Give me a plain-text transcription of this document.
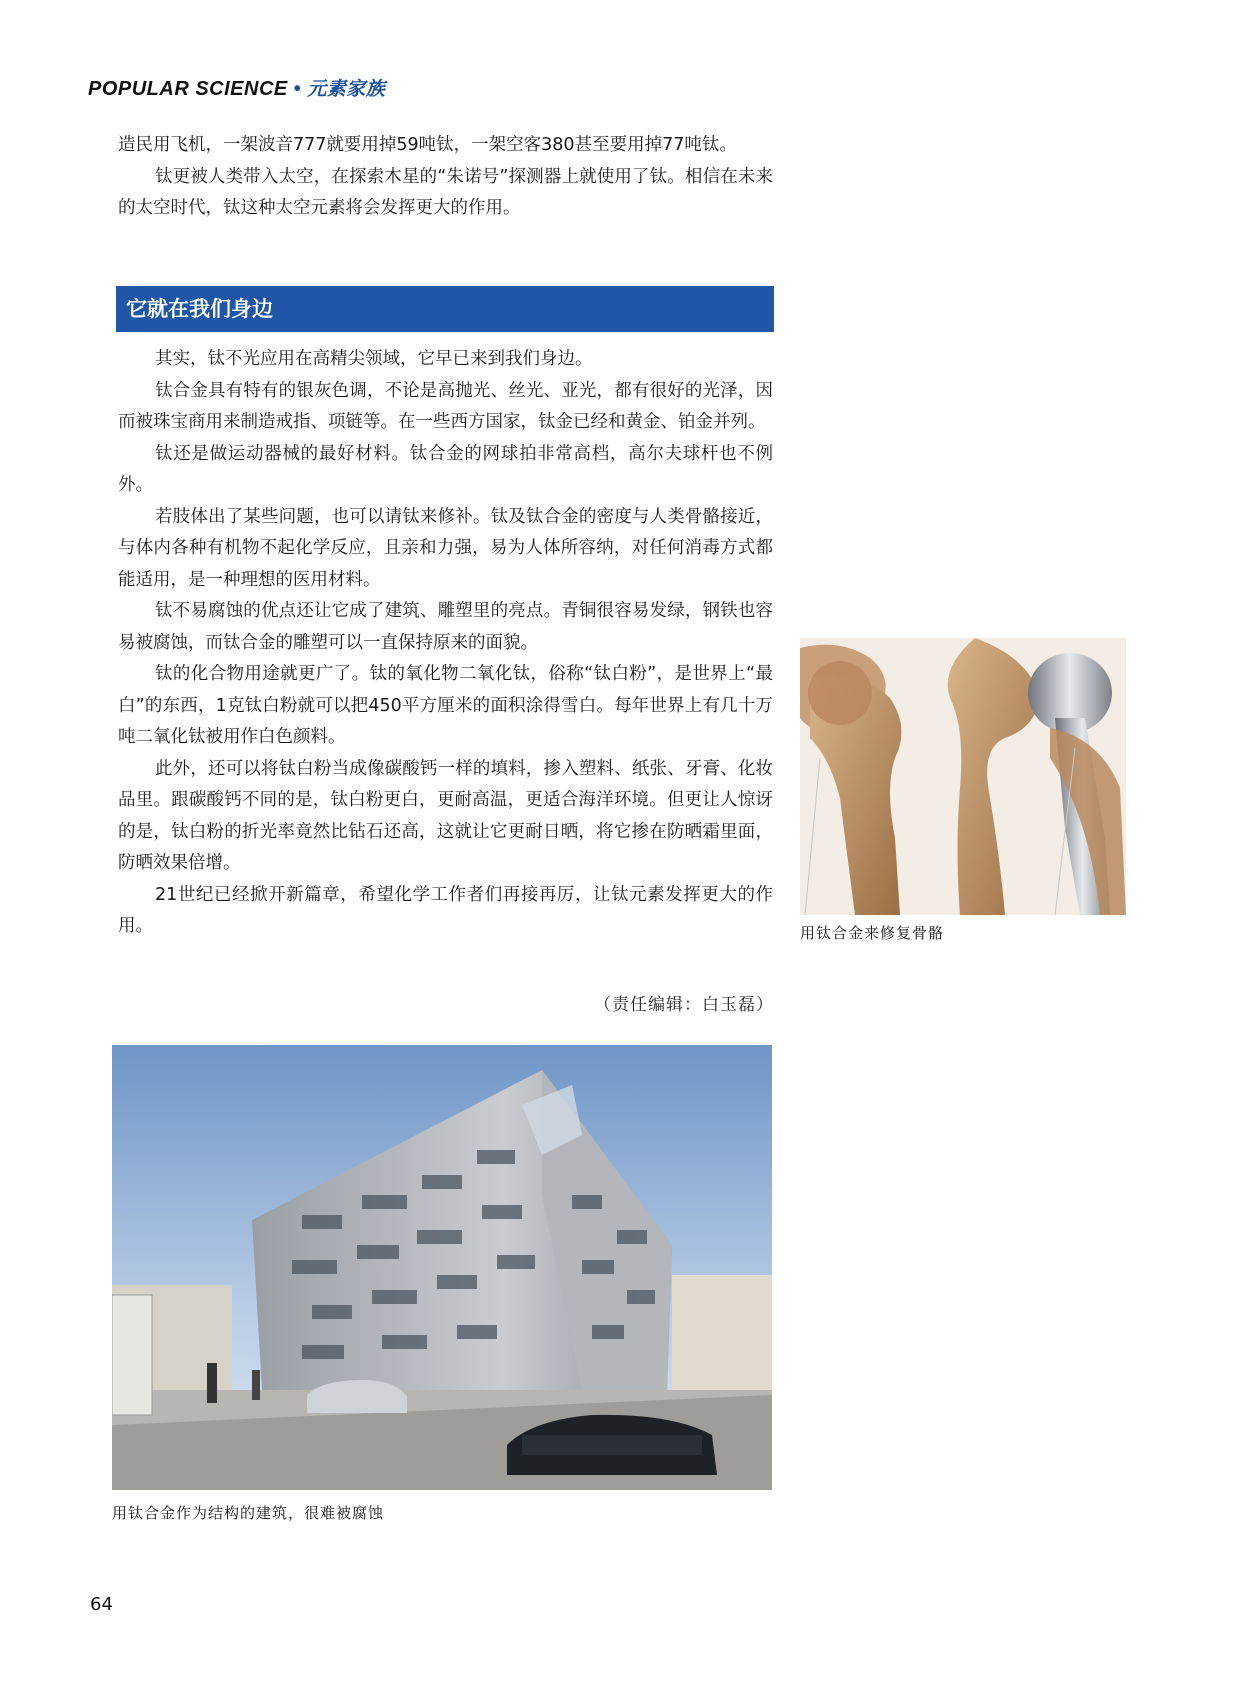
POPULAR SCIENCE • 元素家族

造民用飞机，一架波音777就要用掉59吨钛，一架空客380甚至要用掉77吨钛。

钛更被人类带入太空，在探索木星的“朱诺号”探测器上就使用了钛。相信在未来的太空时代，钛这种太空元素将会发挥更大的作用。

它就在我们身边

其实，钛不光应用在高精尖领域，它早已来到我们身边。

钛合金具有特有的银灰色调，不论是高抛光、丝光、亚光，都有很好的光泽，因而被珠宝商用来制造戒指、项链等。在一些西方国家，钛金已经和黄金、铂金并列。

钛还是做运动器械的最好材料。钛合金的网球拍非常高档，高尔夫球杆也不例外。

若肢体出了某些问题，也可以请钛来修补。钛及钛合金的密度与人类骨骼接近，与体内各种有机物不起化学反应，且亲和力强，易为人体所容纳，对任何消毒方式都能适用，是一种理想的医用材料。

钛不易腐蚀的优点还让它成了建筑、雕塑里的亮点。青铜很容易发绿，钢铁也容易被腐蚀，而钛合金的雕塑可以一直保持原来的面貌。

钛的化合物用途就更广了。钛的氧化物二氧化钛，俗称“钛白粉”，是世界上“最白”的东西，1克钛白粉就可以把450平方厘米的面积涂得雪白。每年世界上有几十万吨二氧化钛被用作白色颜料。

此外，还可以将钛白粉当成像碳酸钙一样的填料，掺入塑料、纸张、牙膏、化妆品里。跟碳酸钙不同的是，钛白粉更白，更耐高温，更适合海洋环境。但更让人惊讶的是，钛白粉的折光率竟然比钻石还高，这就让它更耐日晒，将它掺在防晒霜里面，防晒效果倍增。

21世纪已经掀开新篇章，希望化学工作者们再接再厉，让钛元素发挥更大的作用。

（责任编辑：白玉磊）
用钛合金来修复骨骼
用钛合金作为结构的建筑，很难被腐蚀
64
